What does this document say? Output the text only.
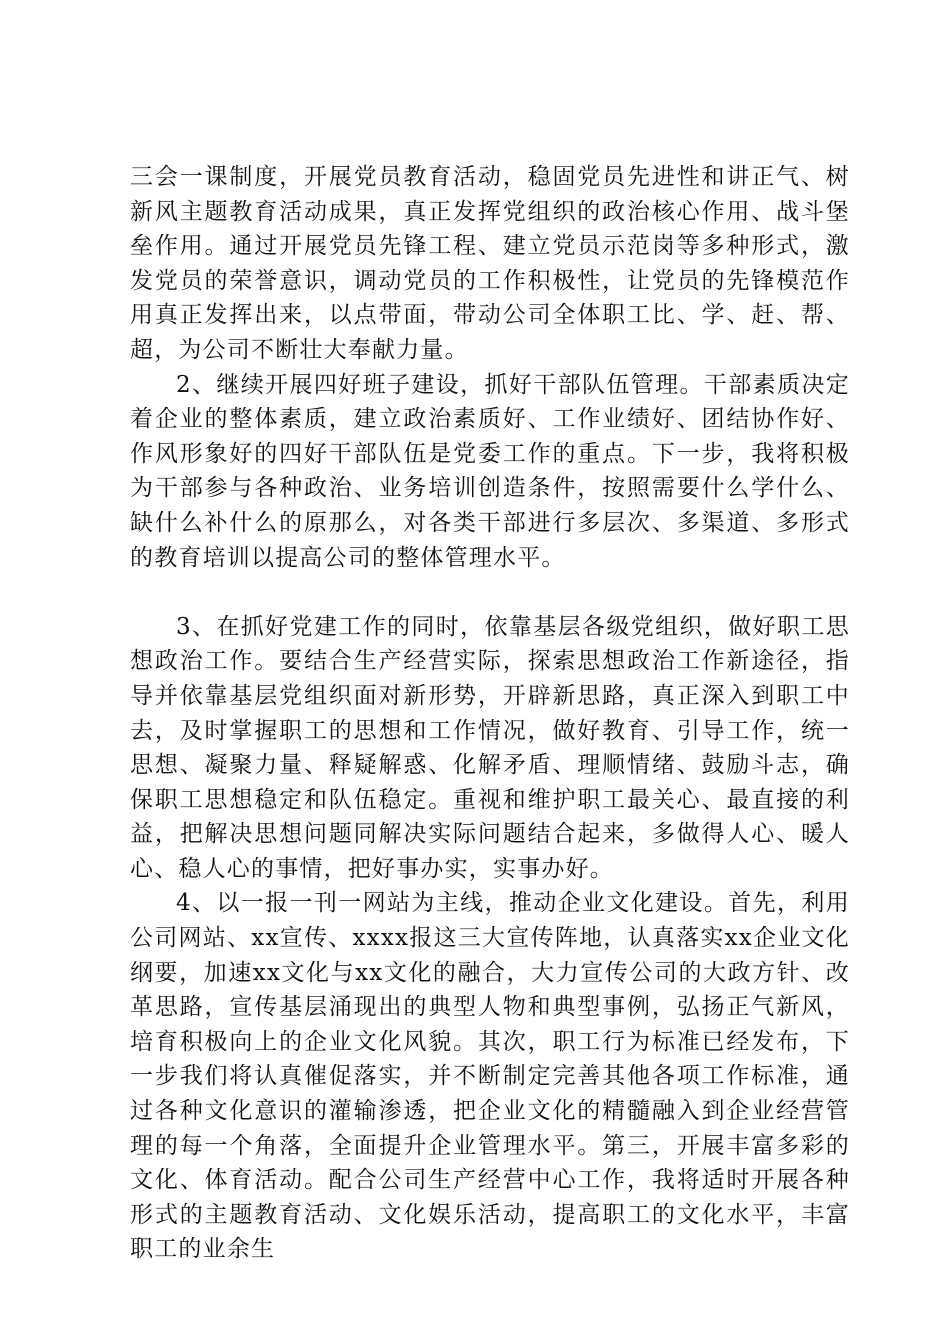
三会一课制度，开展党员教育活动，稳固党员先进性和讲正气、树新风主题教育活动成果，真正发挥党组织的政治核心作用、战斗堡垒作用。通过开展党员先锋工程、建立党员示范岗等多种形式，激发党员的荣誉意识，调动党员的工作积极性，让党员的先锋模范作用真正发挥出来，以点带面，带动公司全体职工比、学、赶、帮、超，为公司不断壮大奉献力量。

2、继续开展四好班子建设，抓好干部队伍管理。干部素质决定着企业的整体素质，建立政治素质好、工作业绩好、团结协作好、作风形象好的四好干部队伍是党委工作的重点。下一步，我将积极为干部参与各种政治、业务培训创造条件，按照需要什么学什么、缺什么补什么的原那么，对各类干部进行多层次、多渠道、多形式的教育培训以提高公司的整体管理水平。

3、在抓好党建工作的同时，依靠基层各级党组织，做好职工思想政治工作。要结合生产经营实际，探索思想政治工作新途径，指导并依靠基层党组织面对新形势，开辟新思路，真正深入到职工中去，及时掌握职工的思想和工作情况，做好教育、引导工作，统一思想、凝聚力量、释疑解惑、化解矛盾、理顺情绪、鼓励斗志，确保职工思想稳定和队伍稳定。重视和维护职工最关心、最直接的利益，把解决思想问题同解决实际问题结合起来，多做得人心、暖人心、稳人心的事情，把好事办实，实事办好。

4、以一报一刊一网站为主线，推动企业文化建设。首先，利用公司网站、xx宣传、xxxx报这三大宣传阵地，认真落实xx企业文化纲要，加速xx文化与xx文化的融合，大力宣传公司的大政方针、改革思路，宣传基层涌现出的典型人物和典型事例，弘扬正气新风，培育积极向上的企业文化风貌。其次，职工行为标准已经发布，下一步我们将认真催促落实，并不断制定完善其他各项工作标准，通过各种文化意识的灌输渗透，把企业文化的精髓融入到企业经营管理的每一个角落，全面提升企业管理水平。第三，开展丰富多彩的文化、体育活动。配合公司生产经营中心工作，我将适时开展各种形式的主题教育活动、文化娱乐活动，提高职工的文化水平，丰富职工的业余生
